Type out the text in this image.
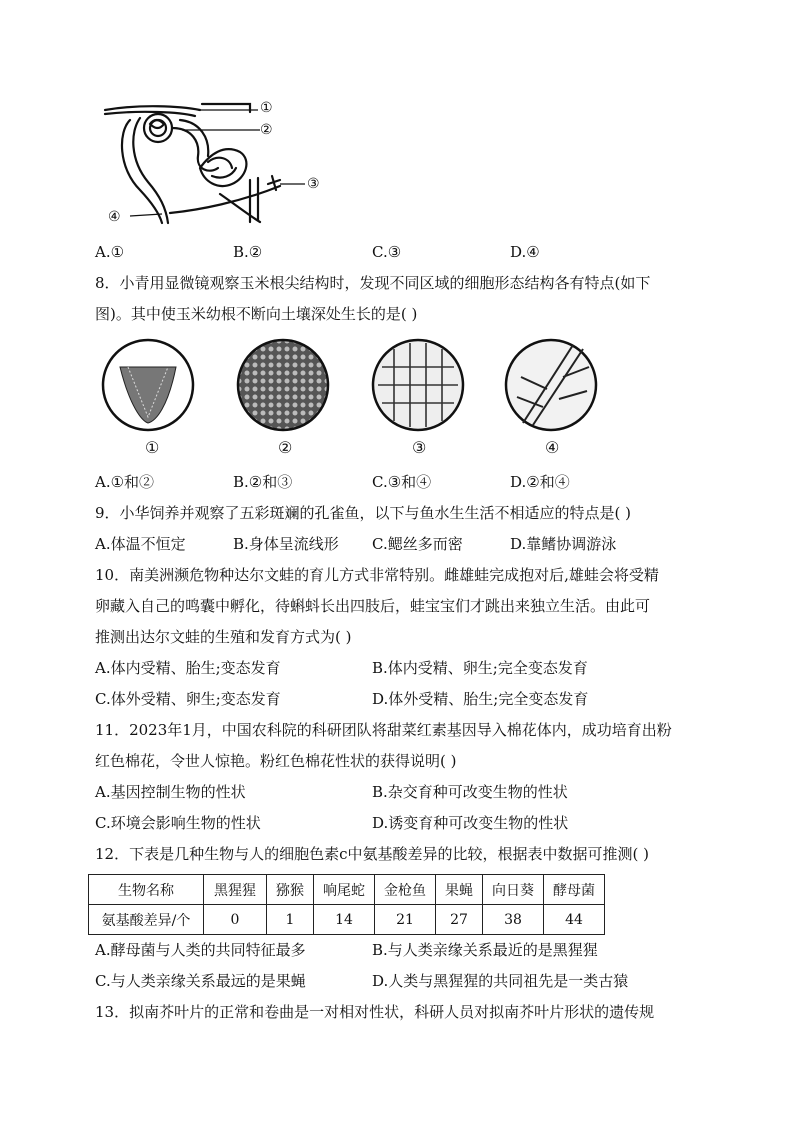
①
②
③
④
A.①	B.②	C.③	D.④
8．小青用显微镜观察玉米根尖结构时，发现不同区域的细胞形态结构各有特点(如下
图)。其中使玉米幼根不断向土壤深处生长的是( )
①	②	③	④
A.①和②	B.②和③	C.③和④	D.②和④
9．小华饲养并观察了五彩斑斓的孔雀鱼，以下与鱼水生生活不相适应的特点是( )
A.体温不恒定	B.身体呈流线形 C.鳃丝多而密	D.靠鳍协调游泳
10．南美洲濒危物种达尔文蛙的育儿方式非常特别。雌雄蛙完成抱对后,雄蛙会将受精
卵藏入自己的鸣囊中孵化，待蝌蚪长出四肢后，蛙宝宝们才跳出来独立生活。由此可
推测出达尔文蛙的生殖和发育方式为( )
A.体内受精、胎生;变态发育	B.体内受精、卵生;完全变态发育
C.体外受精、卵生;变态发育	D.体外受精、胎生;完全变态发育
11．2023年1月，中国农科院的科研团队将甜菜红素基因导入棉花体内，成功培育出粉
红色棉花，令世人惊艳。粉红色棉花性状的获得说明( )
A.基因控制生物的性状	B.杂交育种可改变生物的性状
C.环境会影响生物的性状	D.诱变育种可改变生物的性状
12．下表是几种生物与人的细胞色素c中氨基酸差异的比较，根据表中数据可推测( )
生物名称	黑猩猩	猕猴	响尾蛇	金枪鱼	果蝇	向日葵	酵母菌
氨基酸差异/个	0	1	14	21	27	38	44
A.酵母菌与人类的共同特征最多	B.与人类亲缘关系最近的是黑猩猩
C.与人类亲缘关系最远的是果蝇	D.人类与黑猩猩的共同祖先是一类古猿
13．拟南芥叶片的正常和卷曲是一对相对性状，科研人员对拟南芥叶片形状的遗传规
